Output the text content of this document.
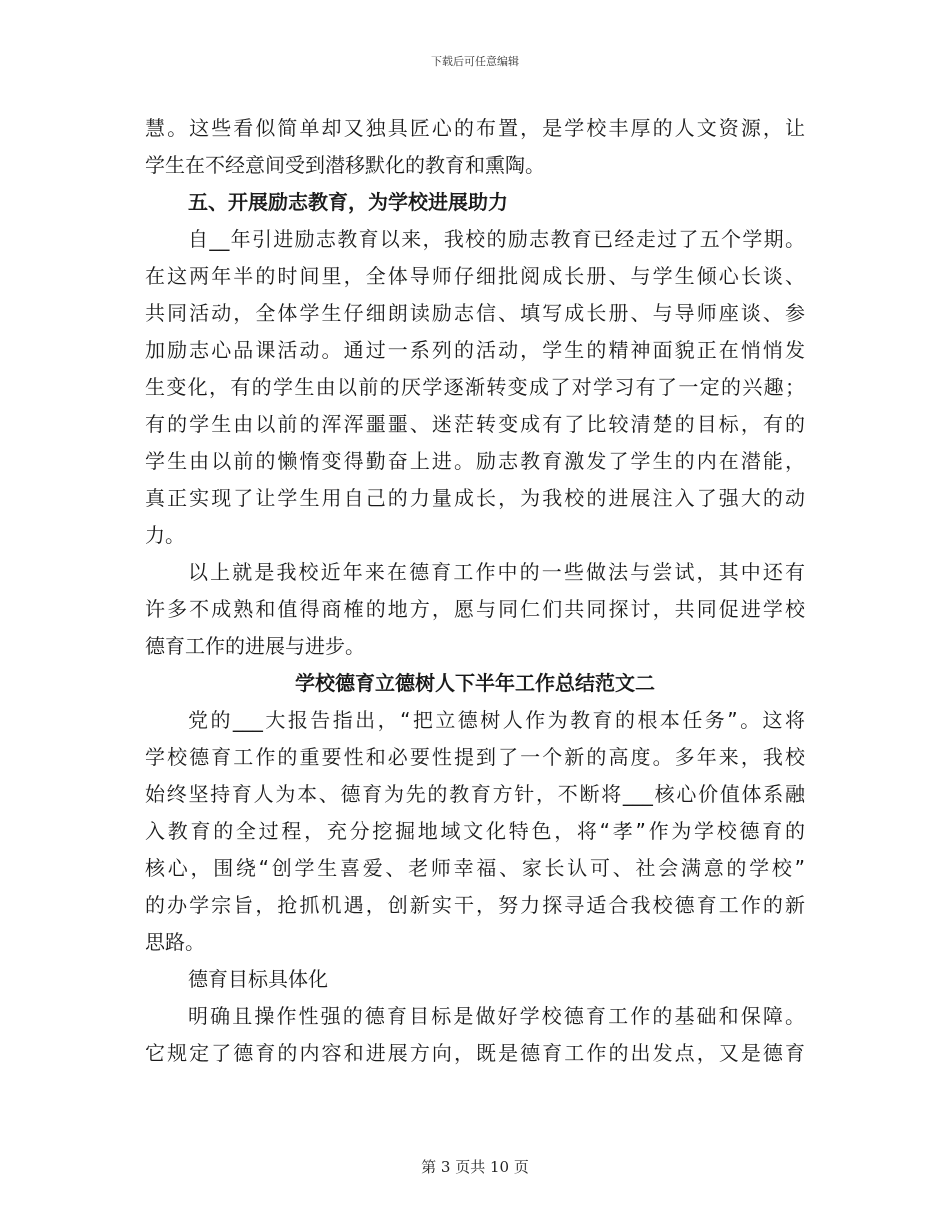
下载后可任意编辑
慧。这些看似简单却又独具匠心的布置，是学校丰厚的人文资源，让
学生在不经意间受到潜移默化的教育和熏陶。
五、开展励志教育，为学校进展助力
自__年引进励志教育以来，我校的励志教育已经走过了五个学期。
在这两年半的时间里，全体导师仔细批阅成长册、与学生倾心长谈、
共同活动，全体学生仔细朗读励志信、填写成长册、与导师座谈、参
加励志心品课活动。通过一系列的活动，学生的精神面貌正在悄悄发
生变化，有的学生由以前的厌学逐渐转变成了对学习有了一定的兴趣；
有的学生由以前的浑浑噩噩、迷茫转变成有了比较清楚的目标，有的
学生由以前的懒惰变得勤奋上进。励志教育激发了学生的内在潜能，
真正实现了让学生用自己的力量成长，为我校的进展注入了强大的动
力。
以上就是我校近年来在德育工作中的一些做法与尝试，其中还有
许多不成熟和值得商榷的地方，愿与同仁们共同探讨，共同促进学校
德育工作的进展与进步。
学校德育立德树人下半年工作总结范文二
党的___大报告指出，“把立德树人作为教育的根本任务”。这将
学校德育工作的重要性和必要性提到了一个新的高度。多年来，我校
始终坚持育人为本、德育为先的教育方针，不断将___核心价值体系融
入教育的全过程，充分挖掘地域文化特色，将“孝”作为学校德育的
核心，围绕“创学生喜爱、老师幸福、家长认可、社会满意的学校”
的办学宗旨，抢抓机遇，创新实干，努力探寻适合我校德育工作的新
思路。
德育目标具体化
明确且操作性强的德育目标是做好学校德育工作的基础和保障。
它规定了德育的内容和进展方向，既是德育工作的出发点，又是德育
第 3 页共 10 页
